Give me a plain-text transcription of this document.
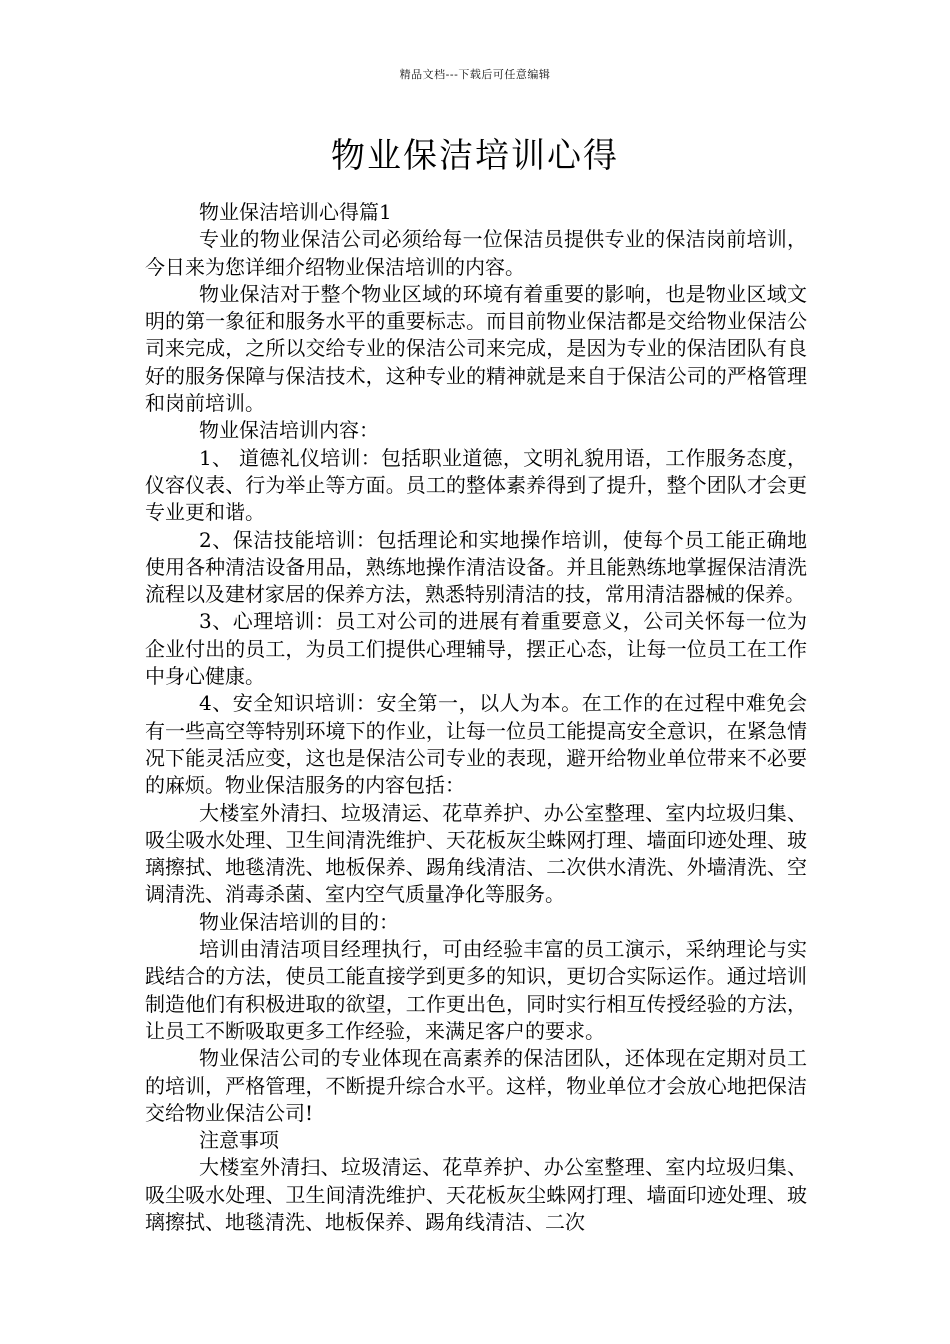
精品文档---下载后可任意编辑
物业保洁培训心得

物业保洁培训心得篇1

专业的物业保洁公司必须给每一位保洁员提供专业的保洁岗前培训，今日来为您详细介绍物业保洁培训的内容。

物业保洁对于整个物业区域的环境有着重要的影响，也是物业区域文明的第一象征和服务水平的重要标志。而目前物业保洁都是交给物业保洁公司来完成，之所以交给专业的保洁公司来完成，是因为专业的保洁团队有良好的服务保障与保洁技术，这种专业的精神就是来自于保洁公司的严格管理和岗前培训。

物业保洁培训内容：

1、 道德礼仪培训：包括职业道德，文明礼貌用语，工作服务态度，仪容仪表、行为举止等方面。员工的整体素养得到了提升，整个团队才会更专业更和谐。

2、保洁技能培训：包括理论和实地操作培训，使每个员工能正确地使用各种清洁设备用品，熟练地操作清洁设备。并且能熟练地掌握保洁清洗流程以及建材家居的保养方法，熟悉特别清洁的技，常用清洁器械的保养。

3、心理培训：员工对公司的进展有着重要意义，公司关怀每一位为企业付出的员工，为员工们提供心理辅导，摆正心态，让每一位员工在工作中身心健康。

4、安全知识培训：安全第一，以人为本。在工作的在过程中难免会有一些高空等特别环境下的作业，让每一位员工能提高安全意识，在紧急情况下能灵活应变，这也是保洁公司专业的表现，避开给物业单位带来不必要的麻烦。物业保洁服务的内容包括：

大楼室外清扫、垃圾清运、花草养护、办公室整理、室内垃圾归集、吸尘吸水处理、卫生间清洗维护、天花板灰尘蛛网打理、墙面印迹处理、玻璃擦拭、地毯清洗、地板保养、踢角线清洁、二次供水清洗、外墙清洗、空调清洗、消毒杀菌、室内空气质量净化等服务。

物业保洁培训的目的：

培训由清洁项目经理执行，可由经验丰富的员工演示，采纳理论与实践结合的方法，使员工能直接学到更多的知识，更切合实际运作。通过培训制造他们有积极进取的欲望，工作更出色，同时实行相互传授经验的方法，让员工不断吸取更多工作经验，来满足客户的要求。

物业保洁公司的专业体现在高素养的保洁团队，还体现在定期对员工的培训，严格管理，不断提升综合水平。这样，物业单位才会放心地把保洁交给物业保洁公司!

注意事项

大楼室外清扫、垃圾清运、花草养护、办公室整理、室内垃圾归集、吸尘吸水处理、卫生间清洗维护、天花板灰尘蛛网打理、墙面印迹处理、玻璃擦拭、地毯清洗、地板保养、踢角线清洁、二次
